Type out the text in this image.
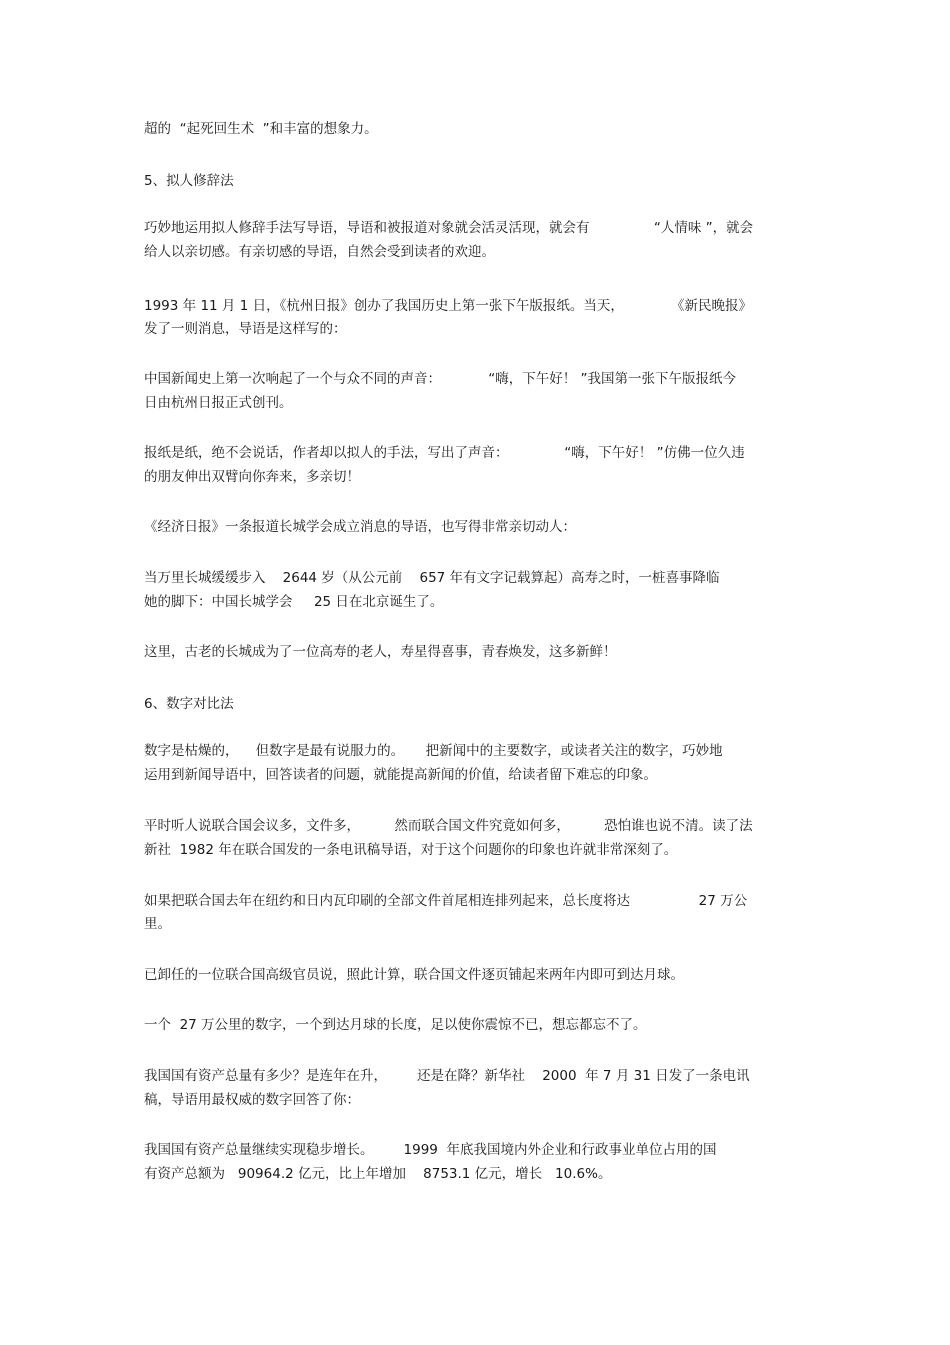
超的  “起死回生术  ”和丰富的想象力。
5、拟人修辞法
巧妙地运用拟人修辞手法写导语，导语和被报道对象就会活灵活现，就会有               “人情味 ”，就会
给人以亲切感。有亲切感的导语，自然会受到读者的欢迎。
1993 年 11 月 1 日，《杭州日报》创办了我国历史上第一张下午版报纸。当天，           《新民晚报》
发了一则消息，导语是这样写的：
中国新闻史上第一次响起了一个与众不同的声音：           “嗨，下午好！ ”我国第一张下午版报纸今
日由杭州日报正式创刊。
报纸是纸，绝不会说话，作者却以拟人的手法，写出了声音：             “嗨，下午好！ ”仿佛一位久违
的朋友伸出双臂向你奔来，多亲切！
《经济日报》一条报道长城学会成立消息的导语，也写得非常亲切动人：
当万里长城缓缓步入    2644 岁（从公元前    657 年有文字记载算起）高寿之时，一桩喜事降临
她的脚下：中国长城学会     25 日在北京诞生了。
这里，古老的长城成为了一位高寿的老人，寿星得喜事，青春焕发，这多新鲜！
6、数字对比法
数字是枯燥的，    但数字是最有说服力的。     把新闻中的主要数字，或读者关注的数字，巧妙地
运用到新闻导语中，回答读者的问题，就能提高新闻的价值，给读者留下难忘的印象。
平时听人说联合国会议多，文件多，        然而联合国文件究竟如何多，        恐怕谁也说不清。读了法
新社  1982 年在联合国发的一条电讯稿导语，对于这个问题你的印象也许就非常深刻了。
如果把联合国去年在纽约和日内瓦印刷的全部文件首尾相连排列起来，总长度将达                27 万公
里。
已卸任的一位联合国高级官员说，照此计算，联合国文件逐页铺起来两年内即可到达月球。
一个  27 万公里的数字，一个到达月球的长度，足以使你震惊不已，想忘都忘不了。
我国国有资产总量有多少？是连年在升，       还是在降？新华社    2000  年 7 月 31 日发了一条电讯
稿，导语用最权威的数字回答了你：
我国国有资产总量继续实现稳步增长。       1999  年底我国境内外企业和行政事业单位占用的国
有资产总额为   90964.2 亿元，比上年增加    8753.1 亿元，增长   10.6%。
